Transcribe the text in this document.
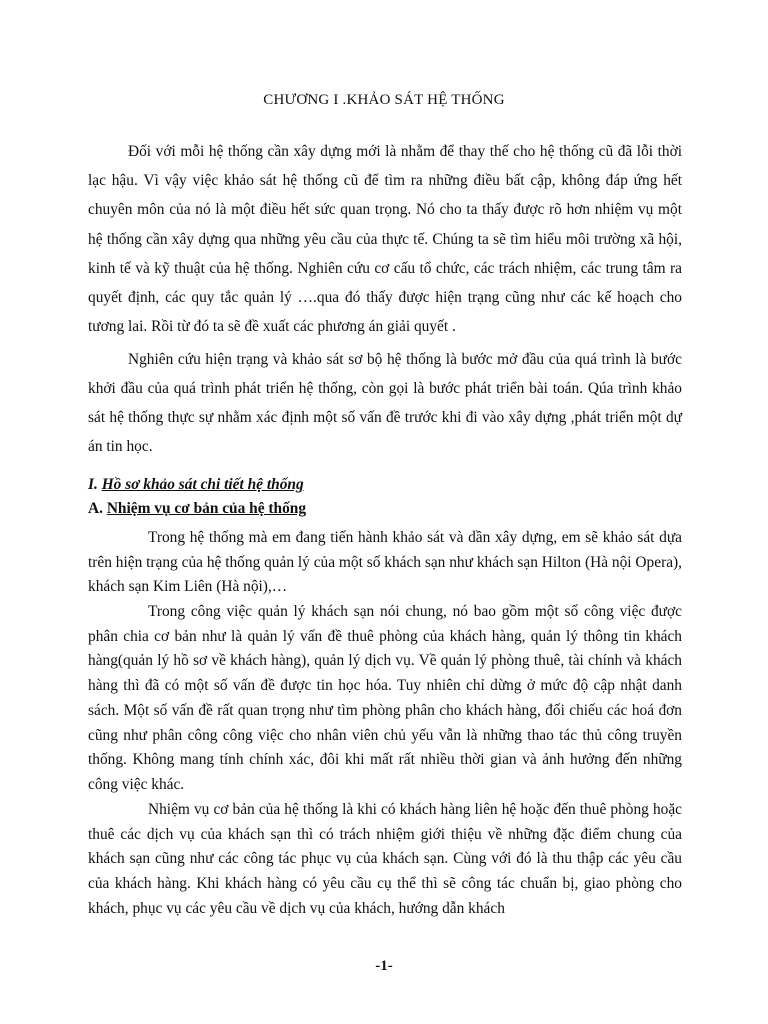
CHƯƠNG I .KHẢO SÁT HỆ THỐNG

Đối với mỗi hệ thống cần xây dựng mới là nhằm để thay thế cho hệ thống cũ đã lỗi thời lạc hậu. Vì vậy việc khảo sát hệ thống cũ để tìm ra những điều bất cập, không đáp ứng hết chuyên môn của nó là một điều hết sức quan trọng. Nó cho ta thấy được rõ hơn nhiệm vụ một hệ thống cần xây dựng qua những yêu cầu của thực tế. Chúng ta sẽ tìm hiểu môi trường xã hội, kinh tế và kỹ thuật của hệ thống. Nghiên cứu cơ cấu tổ chức, các trách nhiệm, các trung tâm ra quyết định, các quy tắc quản lý ….qua đó thấy được hiện trạng cũng như các kế hoạch cho tương lai. Rồi từ đó ta sẽ đề xuất các phương án giải quyết .

Nghiên cứu hiện trạng và khảo sát sơ bộ hệ thống là bước mở đầu của quá trình là bước khởi đầu của quá trình phát triển hệ thống, còn gọi là bước phát triển bài toán. Qúa trình khảo sát hệ thống thực sự nhằm xác định một số vấn đề trước khi đi vào xây dựng ,phát triển một dự án tin học.

I. Hồ sơ khảo sát chi tiết hệ thống

A. Nhiệm vụ cơ bản của hệ thống

Trong hệ thống mà em đang tiến hành khảo sát và dần xây dựng, em sẽ khảo sát dựa trên hiện trạng của hệ thống quản lý của một số khách sạn như khách sạn Hilton (Hà nội Opera), khách sạn Kim Liên (Hà nội),…

Trong công việc quản lý khách sạn nói chung, nó bao gồm một số công việc được phân chia cơ bản như là quản lý vấn đề thuê phòng của khách hàng, quản lý thông tin khách hàng(quản lý hồ sơ về khách hàng), quản lý dịch vụ. Về quản lý phòng thuê, tài chính và khách hàng thì đã có một số vấn đề được tin học hóa. Tuy nhiên chỉ dừng ở mức độ cập nhật danh sách. Một số vấn đề rất quan trọng như tìm phòng phân cho khách hàng, đối chiếu các hoá đơn cũng như phân công công việc cho nhân viên chủ yếu vẫn là những thao tác thủ công truyền thống. Không mang tính chính xác, đôi khi mất rất nhiều thời gian và ảnh hưởng đến những công việc khác.

Nhiệm vụ cơ bản của hệ thống là khi có khách hàng liên hệ hoặc đến thuê phòng hoặc thuê các dịch vụ của khách sạn thì có trách nhiệm giới thiệu về những đặc điểm chung của khách sạn cũng như các công tác phục vụ của khách sạn. Cùng với đó là thu thập các yêu cầu của khách hàng. Khi khách hàng có yêu cầu cụ thể thì sẽ công tác chuẩn bị, giao phòng cho khách, phục vụ các yêu cầu về dịch vụ của khách, hướng dẫn khách

-1-
